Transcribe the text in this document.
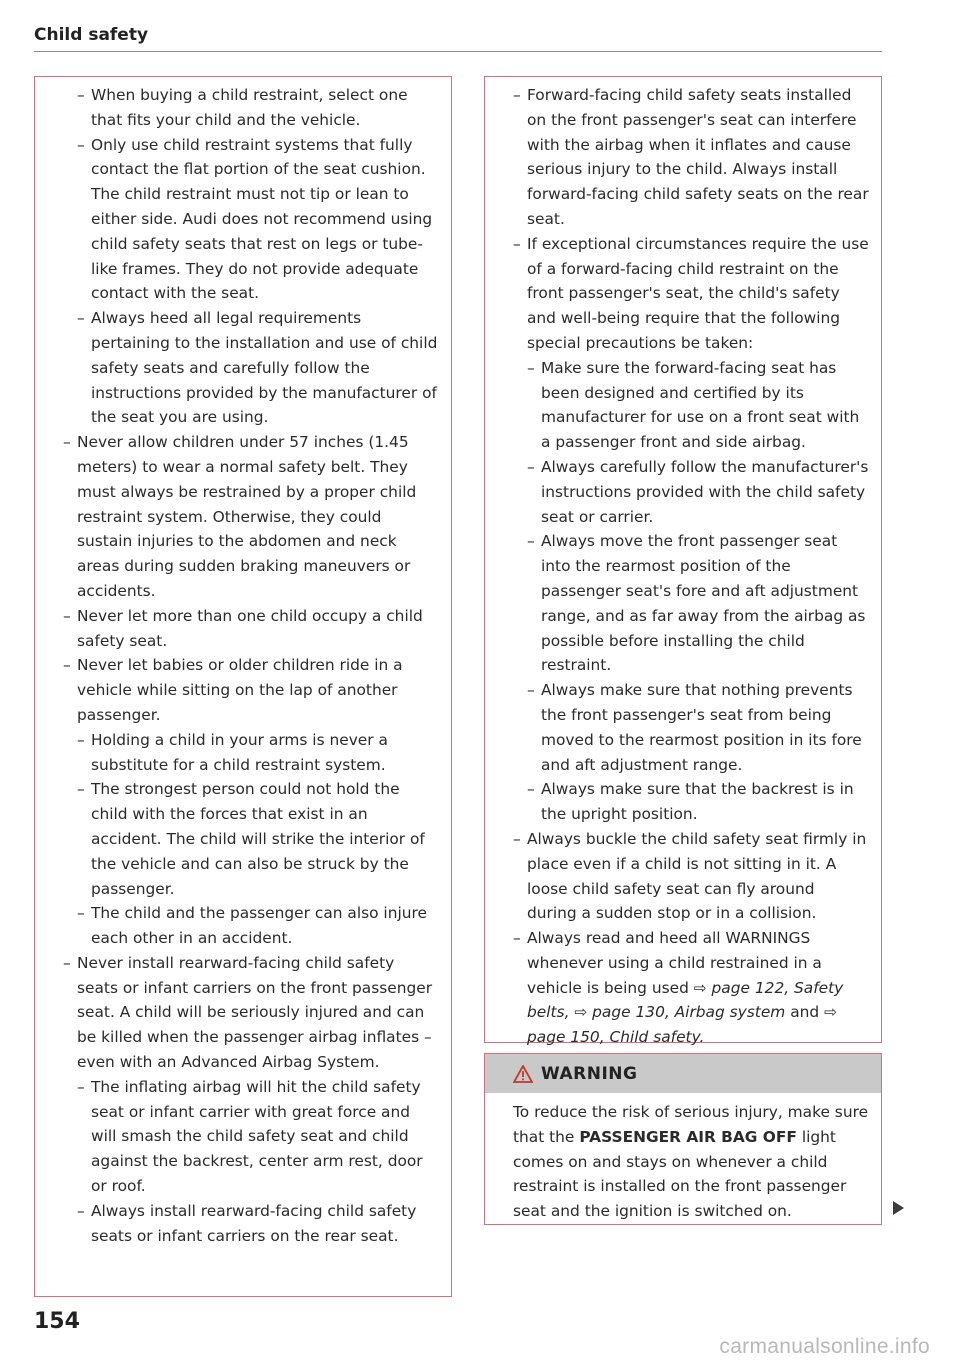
Child safety
– When buying a child restraint, select one that fits your child and the vehicle.
– Only use child restraint systems that fully contact the flat portion of the seat cushion. The child restraint must not tip or lean to either side. Audi does not recommend using child safety seats that rest on legs or tube-like frames. They do not provide adequate contact with the seat.
– Always heed all legal requirements pertaining to the installation and use of child safety seats and carefully follow the instructions provided by the manufacturer of the seat you are using.
– Never allow children under 57 inches (1.45 meters) to wear a normal safety belt. They must always be restrained by a proper child restraint system. Otherwise, they could sustain injuries to the abdomen and neck areas during sudden braking maneuvers or accidents.
– Never let more than one child occupy a child safety seat.
– Never let babies or older children ride in a vehicle while sitting on the lap of another passenger.
– Holding a child in your arms is never a substitute for a child restraint system.
– The strongest person could not hold the child with the forces that exist in an accident. The child will strike the interior of the vehicle and can also be struck by the passenger.
– The child and the passenger can also injure each other in an accident.
– Never install rearward-facing child safety seats or infant carriers on the front passenger seat. A child will be seriously injured and can be killed when the passenger airbag inflates – even with an Advanced Airbag System.
– The inflating airbag will hit the child safety seat or infant carrier with great force and will smash the child safety seat and child against the backrest, center arm rest, door or roof.
– Always install rearward-facing child safety seats or infant carriers on the rear seat.
– Forward-facing child safety seats installed on the front passenger's seat can interfere with the airbag when it inflates and cause serious injury to the child. Always install forward-facing child safety seats on the rear seat.
– If exceptional circumstances require the use of a forward-facing child restraint on the front passenger's seat, the child's safety and well-being require that the following special precautions be taken:
– Make sure the forward-facing seat has been designed and certified by its manufacturer for use on a front seat with a passenger front and side airbag.
– Always carefully follow the manufacturer's instructions provided with the child safety seat or carrier.
– Always move the front passenger seat into the rearmost position of the passenger seat's fore and aft adjustment range, and as far away from the airbag as possible before installing the child restraint.
– Always make sure that nothing prevents the front passenger's seat from being moved to the rearmost position in its fore and aft adjustment range.
– Always make sure that the backrest is in the upright position.
– Always buckle the child safety seat firmly in place even if a child is not sitting in it. A loose child safety seat can fly around during a sudden stop or in a collision.
– Always read and heed all WARNINGS whenever using a child restrained in a vehicle is being used ⇨ page 122, Safety belts, ⇨ page 130, Airbag system and ⇨ page 150, Child safety.
WARNING
To reduce the risk of serious injury, make sure that the PASSENGER AIR BAG OFF light comes on and stays on whenever a child restraint is installed on the front passenger seat and the ignition is switched on.
154
carmanualsonline.info
